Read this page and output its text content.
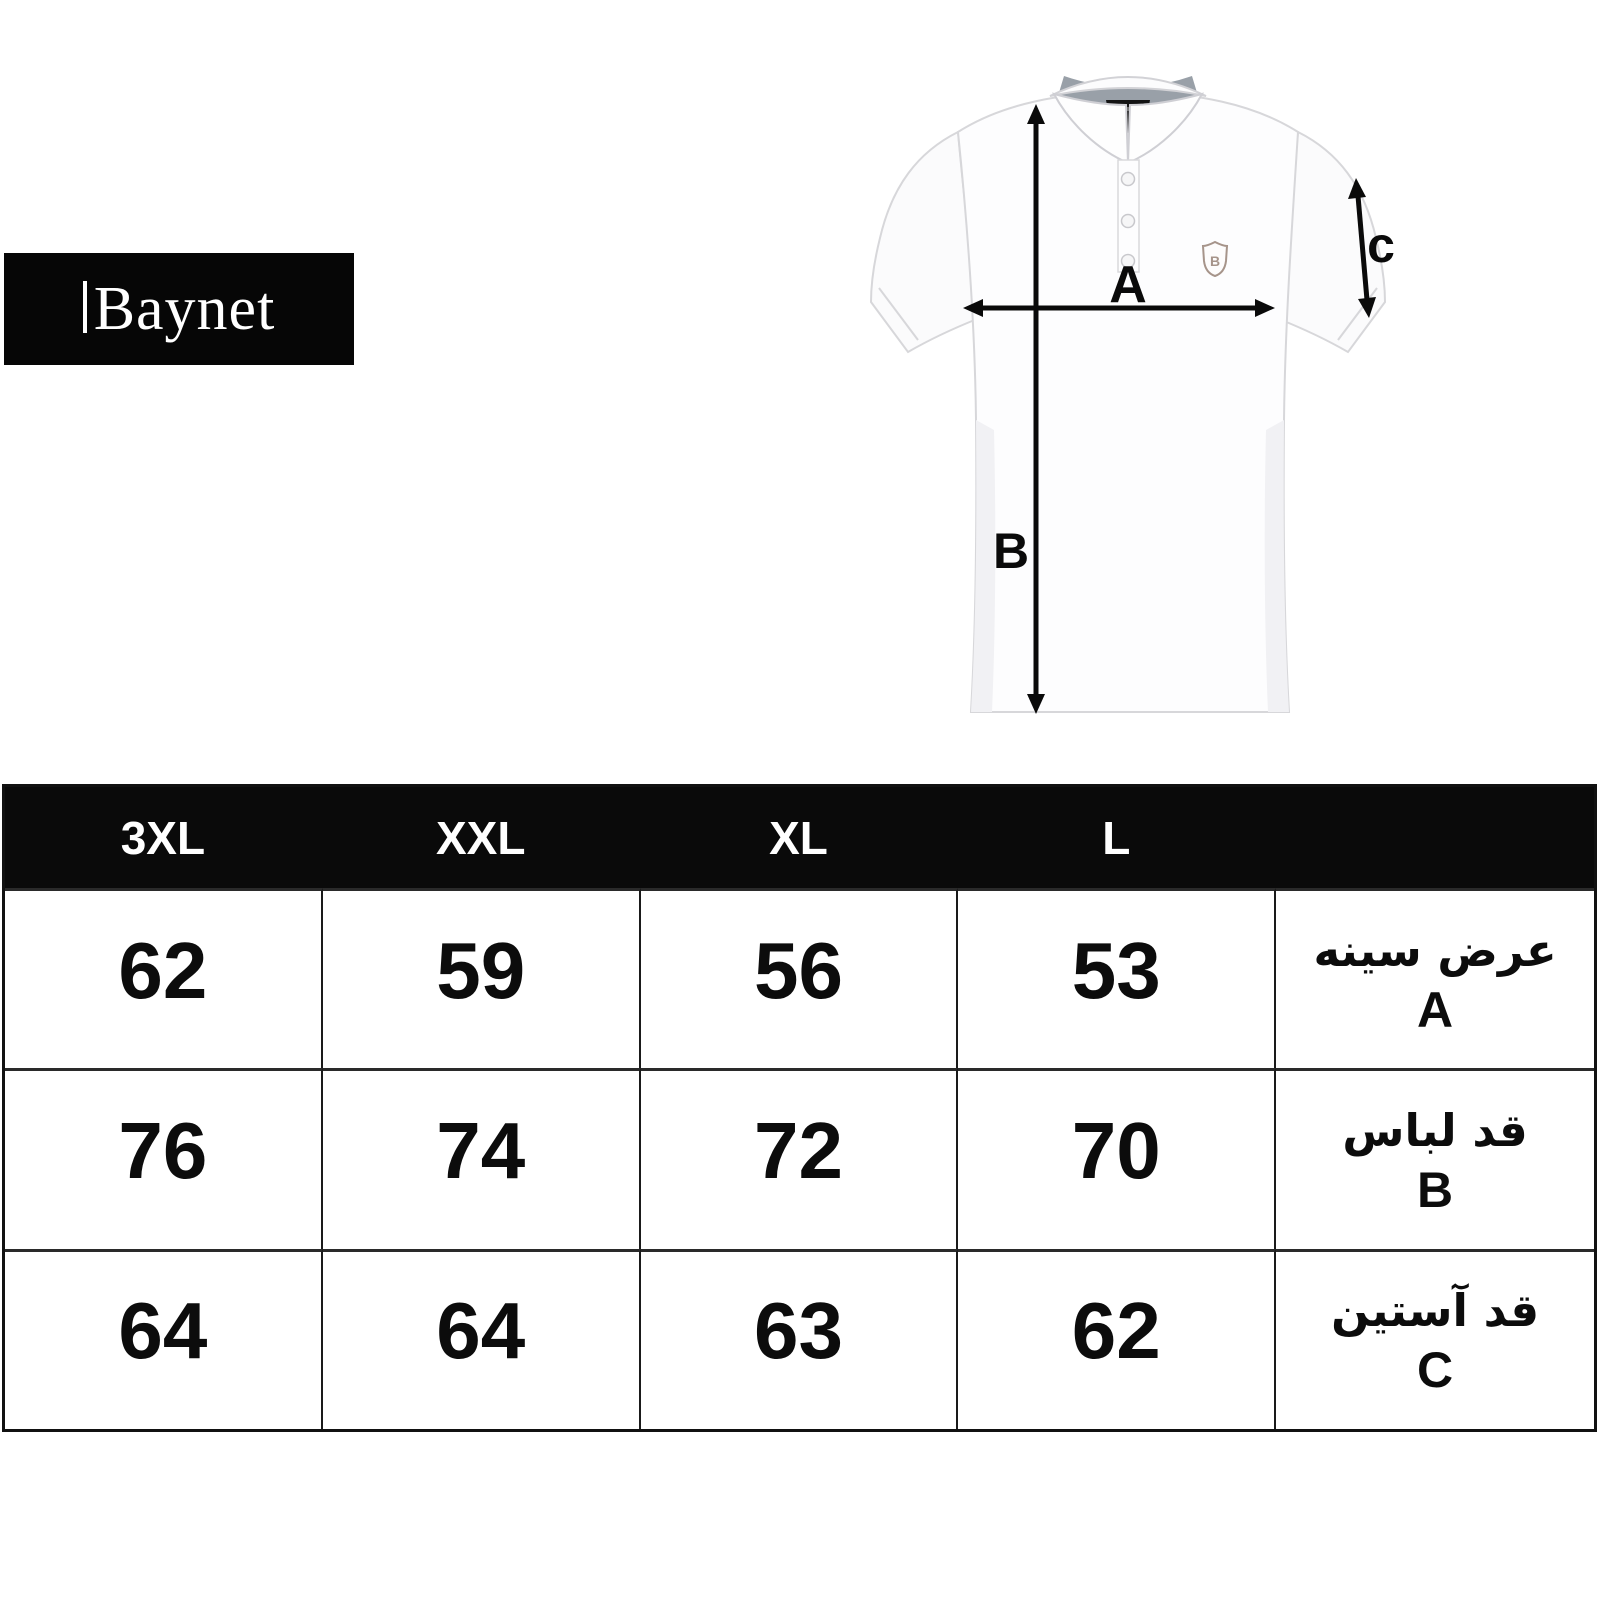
Baynet
B
A
B
c
3XL	XXL	XL	L
62	59	56	53	عرض سینه
A
76	74	72	70	قد لباس
B
64	64	63	62	قد آستین
C
